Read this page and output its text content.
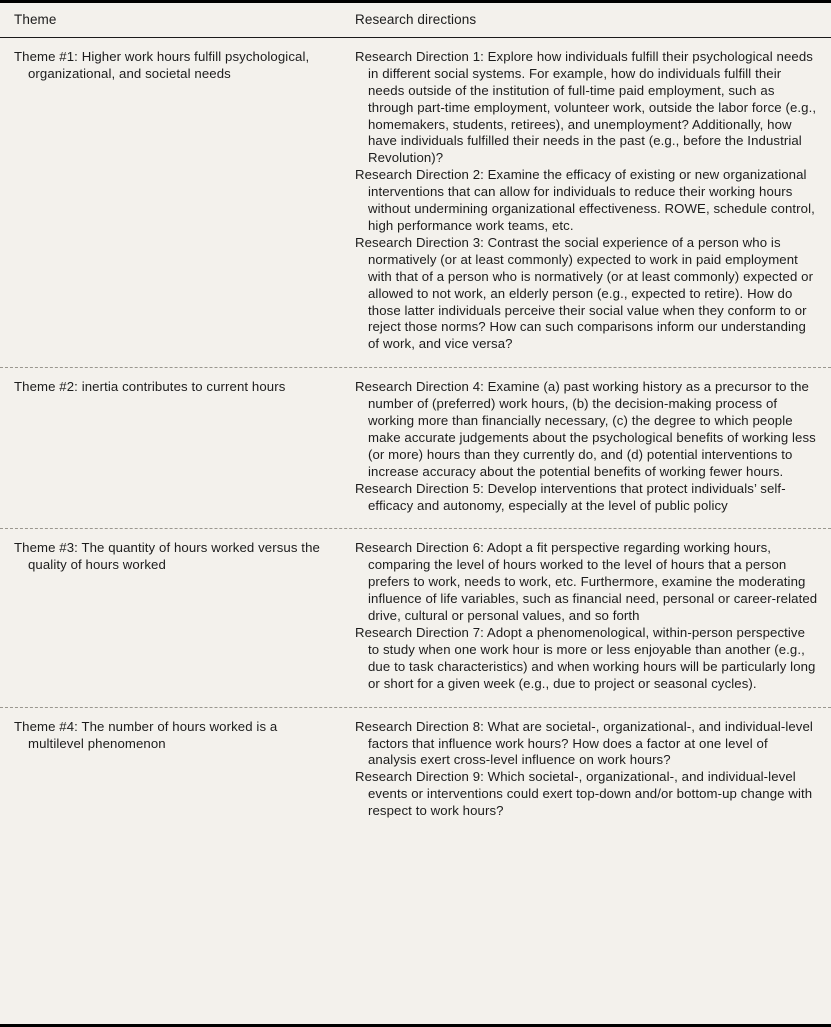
Theme	Research directions

Theme #1: Higher work hours fulfill psychological, organizational, and societal needs

Research Direction 1: Explore how individuals fulfill their psychological needs in different social systems. For example, how do individuals fulfill their needs outside of the institution of full-time paid employment, such as through part-time employment, volunteer work, outside the labor force (e.g., homemakers, students, retirees), and unemployment? Additionally, how have individuals fulfilled their needs in the past (e.g., before the Industrial Revolution)?

Research Direction 2: Examine the efficacy of existing or new organizational interventions that can allow for individuals to reduce their working hours without undermining organizational effectiveness. ROWE, schedule control, high performance work teams, etc.

Research Direction 3: Contrast the social experience of a person who is normatively (or at least commonly) expected to work in paid employment with that of a person who is normatively (or at least commonly) expected or allowed to not work, an elderly person (e.g., expected to retire). How do those latter individuals perceive their social value when they conform to or reject those norms? How can such comparisons inform our understanding of work, and vice versa?

Theme #2: inertia contributes to current hours	Research Direction 4: Examine (a) past working history as a precursor to the number of (preferred) work hours, (b) the decision-making process of working more than financially necessary, (c) the degree to which people make accurate judgements about the psychological benefits of working less (or more) hours than they currently do, and (d) potential interventions to increase accuracy about the potential benefits of working fewer hours.

Research Direction 5: Develop interventions that protect individuals’ self-efficacy and autonomy, especially at the level of public policy

Theme #3: The quantity of hours worked versus the quality of hours worked

Research Direction 6: Adopt a fit perspective regarding working hours, comparing the level of hours worked to the level of hours that a person prefers to work, needs to work, etc. Furthermore, examine the moderating influence of life variables, such as financial need, personal or career-related drive, cultural or personal values, and so forth

Research Direction 7: Adopt a phenomenological, within-person perspective to study when one work hour is more or less enjoyable than another (e.g., due to task characteristics) and when working hours will be particularly long or short for a given week (e.g., due to project or seasonal cycles).

Theme #4: The number of hours worked is a multilevel phenomenon

Research Direction 8: What are societal-, organizational-, and individual-level factors that influence work hours? How does a factor at one level of analysis exert cross-level influence on work hours?

Research Direction 9: Which societal-, organizational-, and individual-level events or interventions could exert top-down and/or bottom-up change with respect to work hours?
